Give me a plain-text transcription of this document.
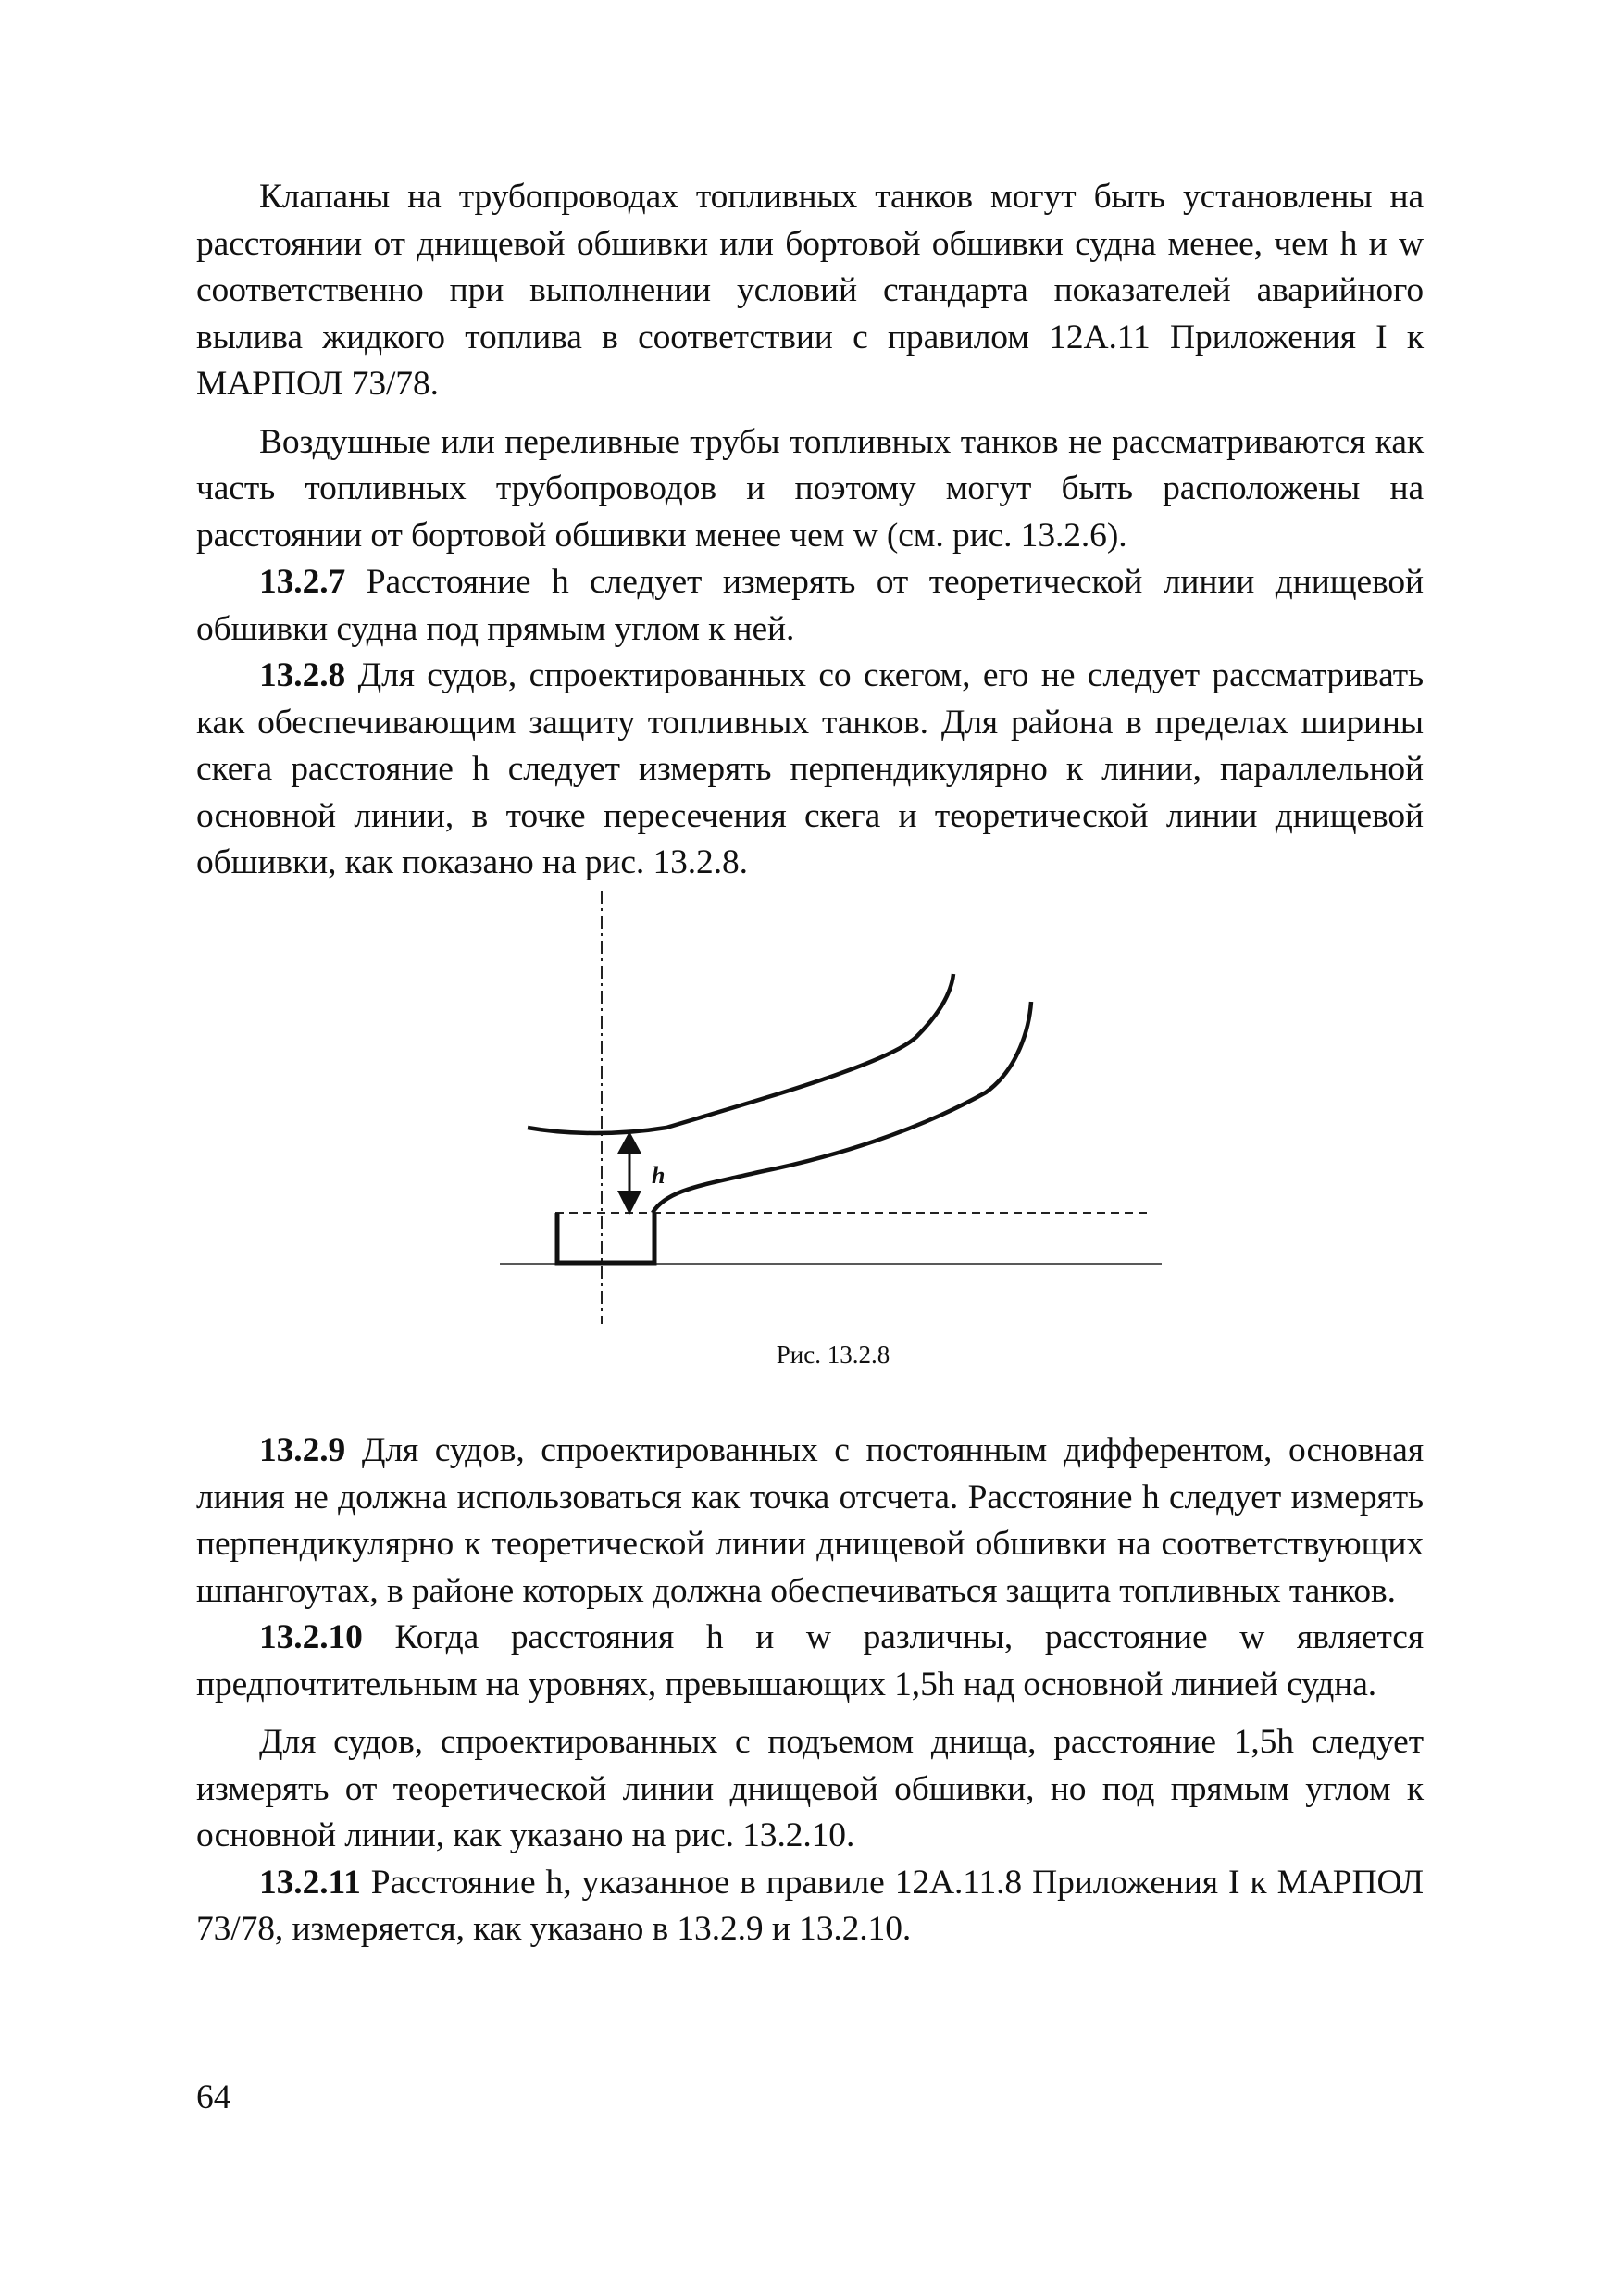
Клапаны на трубопроводах топливных танков могут быть установлены на расстоянии от днищевой обшивки или бортовой обшивки судна менее, чем h и w соответственно при выполнении условий стандарта показателей аварийного вылива жидкого топлива в соответствии с правилом 12А.11 Приложения I к МАРПОЛ 73/78.

Воздушные или переливные трубы топливных танков не рассматриваются как часть топливных трубопроводов и поэтому могут быть расположены на расстоянии от бортовой обшивки менее чем w (см. рис. 13.2.6).

13.2.7 Расстояние h следует измерять от теоретической линии днищевой обшивки судна под прямым углом к ней.

13.2.8 Для судов, спроектированных со скегом, его не следует рассматривать как обеспечивающим защиту топливных танков. Для района в пределах ширины скега расстояние h следует измерять перпендикулярно к линии, параллельной основной линии, в точке пересечения скега и теоретической линии днищевой обшивки, как показано на рис. 13.2.8.

h

Рис. 13.2.8

13.2.9 Для судов, спроектированных с постоянным дифферентом, основная линия не должна использоваться как точка отсчета. Расстояние h следует измерять перпендикулярно к теоретической линии днищевой обшивки на соответствующих шпангоутах, в районе которых должна обеспечиваться защита топливных танков.

13.2.10 Когда расстояния h и w различны, расстояние w является предпочтительным на уровнях, превышающих 1,5h над основной линией судна.

Для судов, спроектированных с подъемом днища, расстояние 1,5h следует измерять от теоретической линии днищевой обшивки, но под прямым углом к основной линии, как указано на рис. 13.2.10.

13.2.11 Расстояние h, указанное в правиле 12А.11.8 Приложения I к МАРПОЛ 73/78, измеряется, как указано в 13.2.9 и 13.2.10.

64
